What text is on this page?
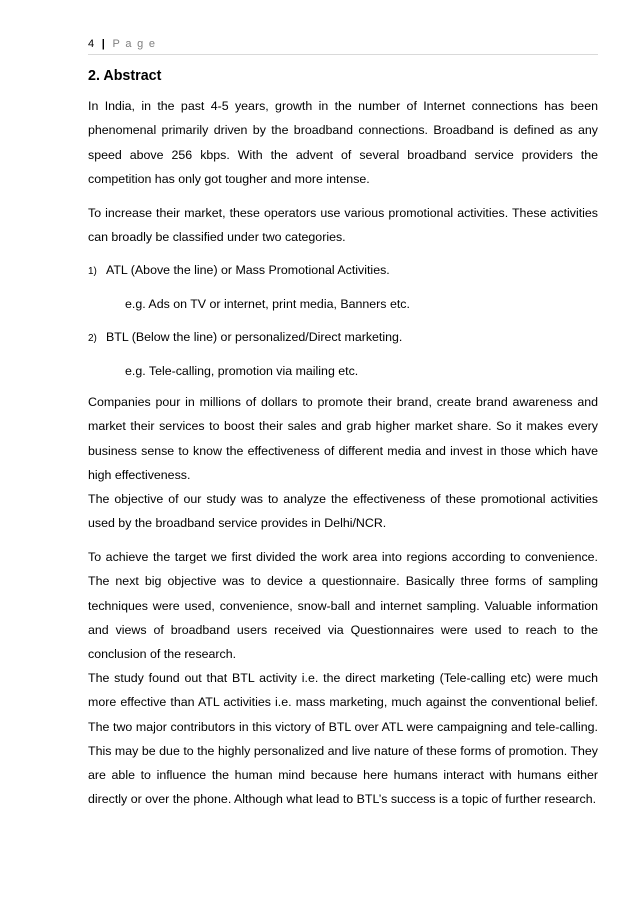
4 | P a g e
2. Abstract

In India, in the past 4-5 years, growth in the number of Internet connections has been phenomenal primarily driven by the broadband connections. Broadband is defined as any speed above 256 kbps. With the advent of several broadband service providers the competition has only got tougher and more intense.

To increase their market, these operators use various promotional activities. These activities can broadly be classified under two categories.

1) ATL (Above the line) or Mass Promotional Activities.
e.g. Ads on TV or internet, print media, Banners etc.
2) BTL (Below the line) or personalized/Direct marketing.
e.g. Tele-calling, promotion via mailing etc.

Companies pour in millions of dollars to promote their brand, create brand awareness and market their services to boost their sales and grab higher market share. So it makes every business sense to know the effectiveness of different media and invest in those which have high effectiveness.

The objective of our study was to analyze the effectiveness of these promotional activities used by the broadband service provides in Delhi/NCR.

To achieve the target we first divided the work area into regions according to convenience. The next big objective was to device a questionnaire. Basically three forms of sampling techniques were used, convenience, snow-ball and internet sampling. Valuable information and views of broadband users received via Questionnaires were used to reach to the conclusion of the research.

The study found out that BTL activity i.e. the direct marketing (Tele-calling etc) were much more effective than ATL activities i.e. mass marketing, much against the conventional belief. The two major contributors in this victory of BTL over ATL were campaigning and tele-calling. This may be due to the highly personalized and live nature of these forms of promotion. They are able to influence the human mind because here humans interact with humans either directly or over the phone. Although what lead to BTL’s success is a topic of further research.
